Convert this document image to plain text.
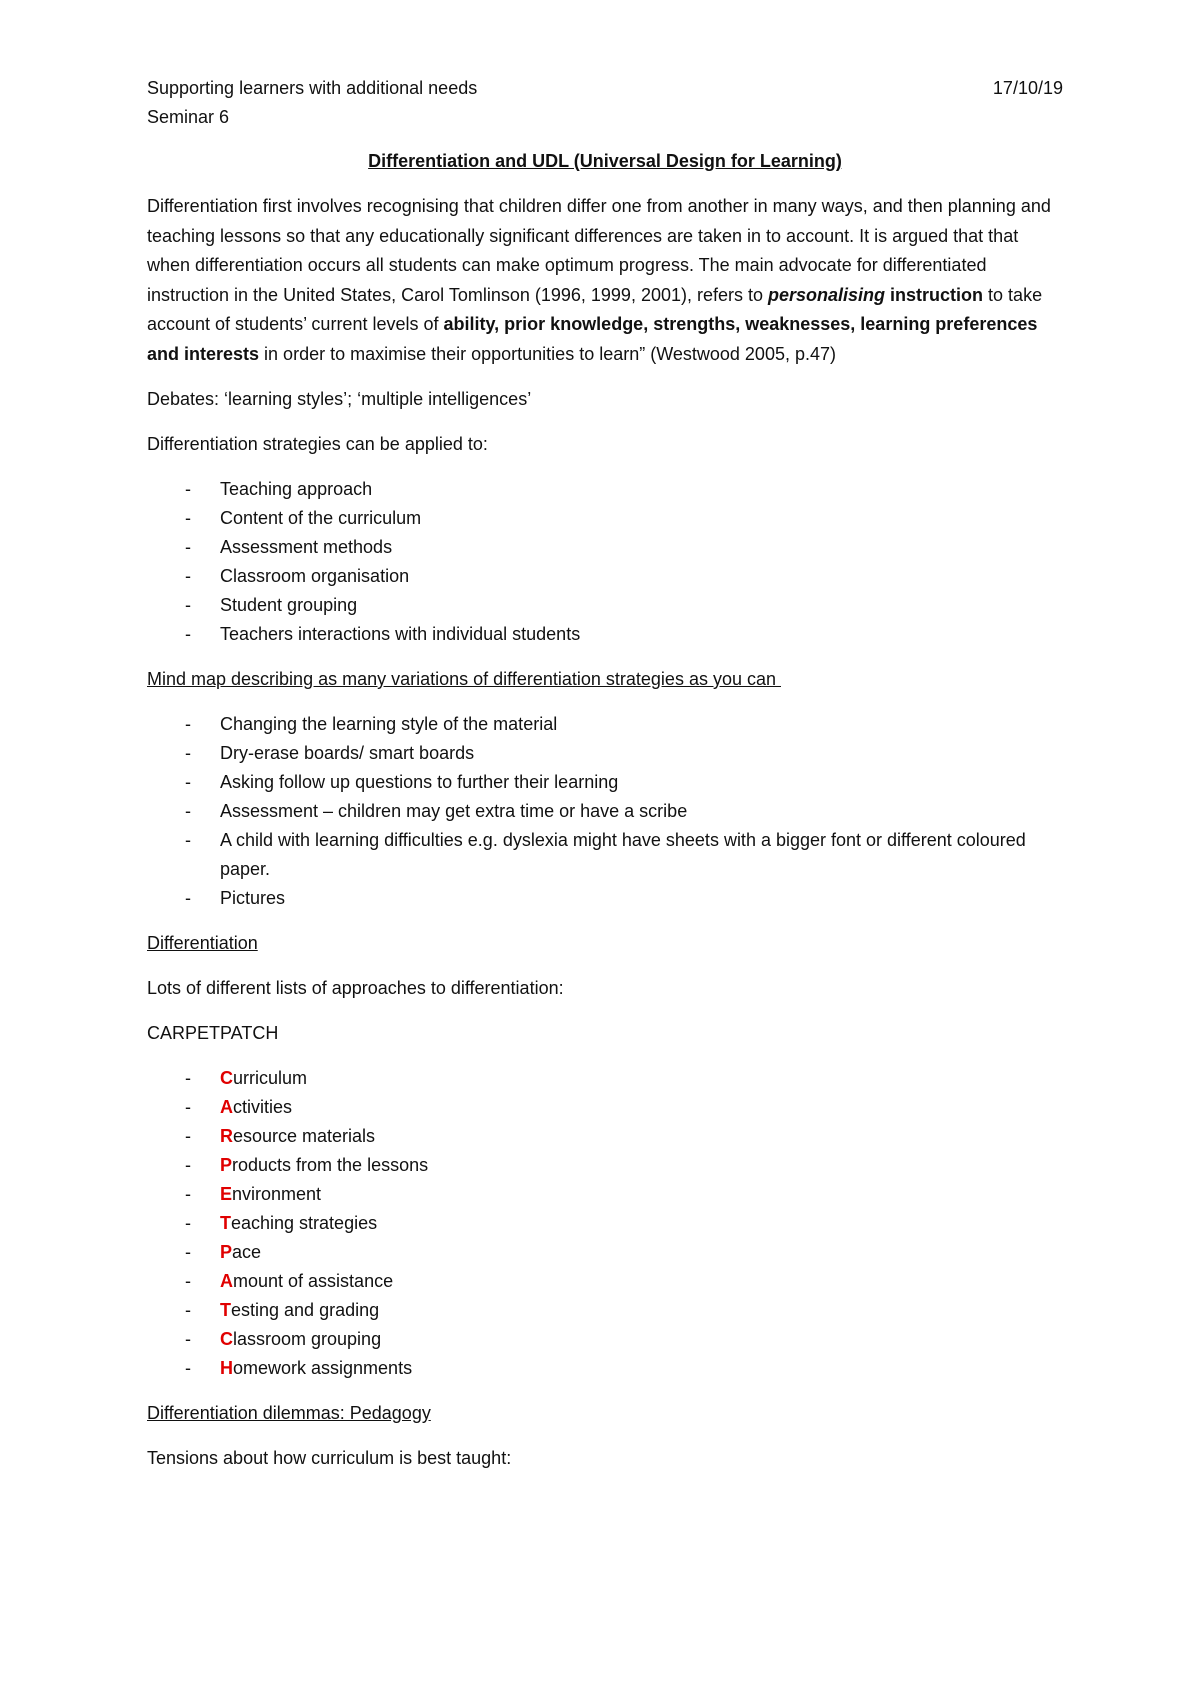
Supporting learners with additional needs	17/10/19
Seminar 6
Differentiation and UDL (Universal Design for Learning)

Differentiation first involves recognising that children differ one from another in many ways, and then planning and teaching lessons so that any educationally significant differences are taken in to account. It is argued that that when differentiation occurs all students can make optimum progress. The main advocate for differentiated instruction in the United States, Carol Tomlinson (1996, 1999, 2001), refers to personalising instruction to take account of students’ current levels of ability, prior knowledge, strengths, weaknesses, learning preferences and interests in order to maximise their opportunities to learn” (Westwood 2005, p.47)

Debates: ‘learning styles’; ‘multiple intelligences’

Differentiation strategies can be applied to:

- Teaching approach
- Content of the curriculum
- Assessment methods
- Classroom organisation
- Student grouping
- Teachers interactions with individual students

Mind map describing as many variations of differentiation strategies as you can

- Changing the learning style of the material
- Dry-erase boards/ smart boards
- Asking follow up questions to further their learning
- Assessment – children may get extra time or have a scribe
- A child with learning difficulties e.g. dyslexia might have sheets with a bigger font or different coloured paper.
- Pictures

Differentiation

Lots of different lists of approaches to differentiation:

CARPETPATCH

- Curriculum
- Activities
- Resource materials
- Products from the lessons
- Environment
- Teaching strategies
- Pace
- Amount of assistance
- Testing and grading
- Classroom grouping
- Homework assignments

Differentiation dilemmas: Pedagogy

Tensions about how curriculum is best taught:
